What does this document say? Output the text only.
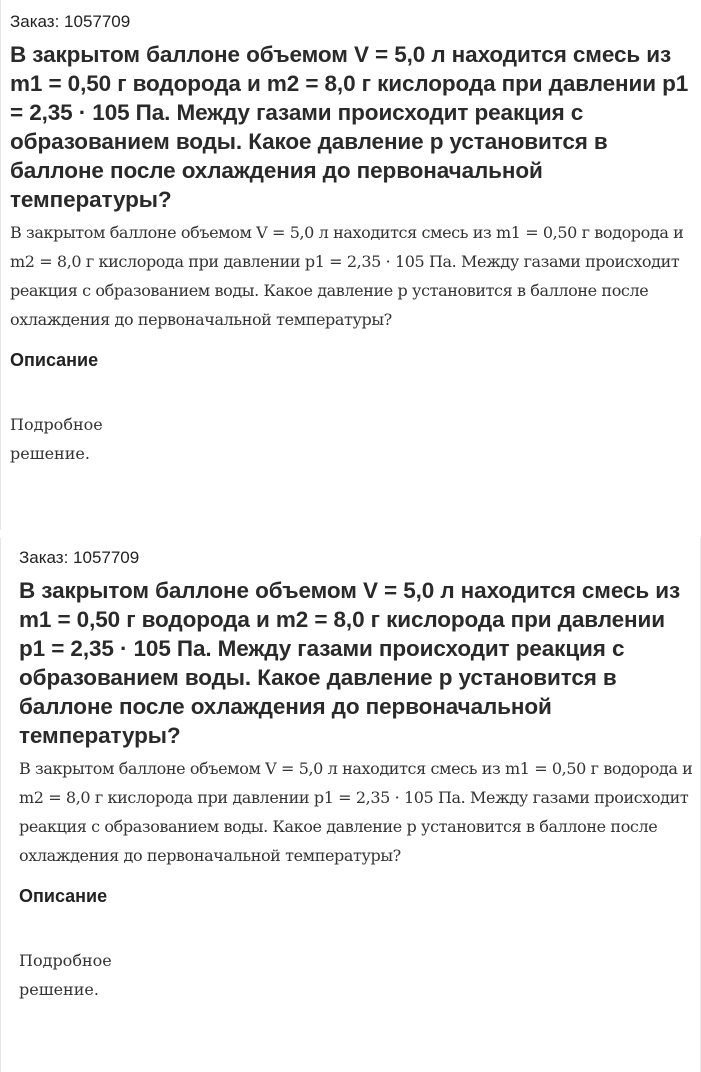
Заказ: 1057709
В закрытом баллоне объемом V = 5,0 л находится смесь из m1 = 0,50 г водорода и m2 = 8,0 г кислорода при давлении p1 = 2,35 · 105 Па. Между газами происходит реакция с образованием воды. Какое давление p установится в баллоне после охлаждения до первоначальной температуры?

В закрытом баллоне объемом V = 5,0 л находится смесь из m1 = 0,50 г водорода и m2 = 8,0 г кислорода при давлении p1 = 2,35 · 105 Па. Между газами происходит реакция с образованием воды. Какое давление p установится в баллоне после охлаждения до первоначальной температуры?

Описание

Подробное решение.

Заказ: 1057709
В закрытом баллоне объемом V = 5,0 л находится смесь из m1 = 0,50 г водорода и m2 = 8,0 г кислорода при давлении p1 = 2,35 · 105 Па. Между газами происходит реакция с образованием воды. Какое давление p установится в баллоне после охлаждения до первоначальной температуры?

В закрытом баллоне объемом V = 5,0 л находится смесь из m1 = 0,50 г водорода и m2 = 8,0 г кислорода при давлении p1 = 2,35 · 105 Па. Между газами происходит реакция с образованием воды. Какое давление p установится в баллоне после охлаждения до первоначальной температуры?

Описание

Подробное решение.
